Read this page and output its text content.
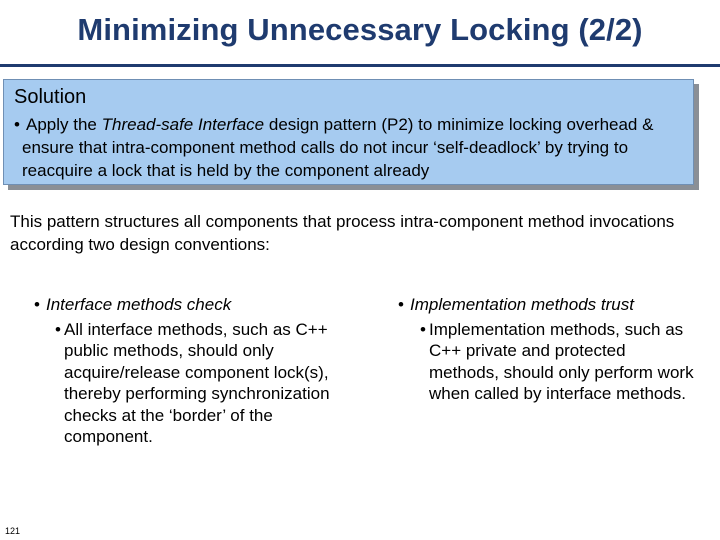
Minimizing Unnecessary Locking (2/2)
Solution
• Apply the Thread-safe Interface design pattern (P2) to minimize locking overhead & ensure that intra-component method calls do not incur ‘self-deadlock’ by trying to reacquire a lock that is held by the component already
This pattern structures all components that process intra-component method invocations according two design conventions:
• Interface methods check
• All interface methods, such as C++ public methods, should only acquire/release component lock(s), thereby performing synchronization checks at the ‘border’ of the component.
• Implementation methods trust
• Implementation methods, such as C++ private and protected methods, should only perform work when called by interface methods.
121
